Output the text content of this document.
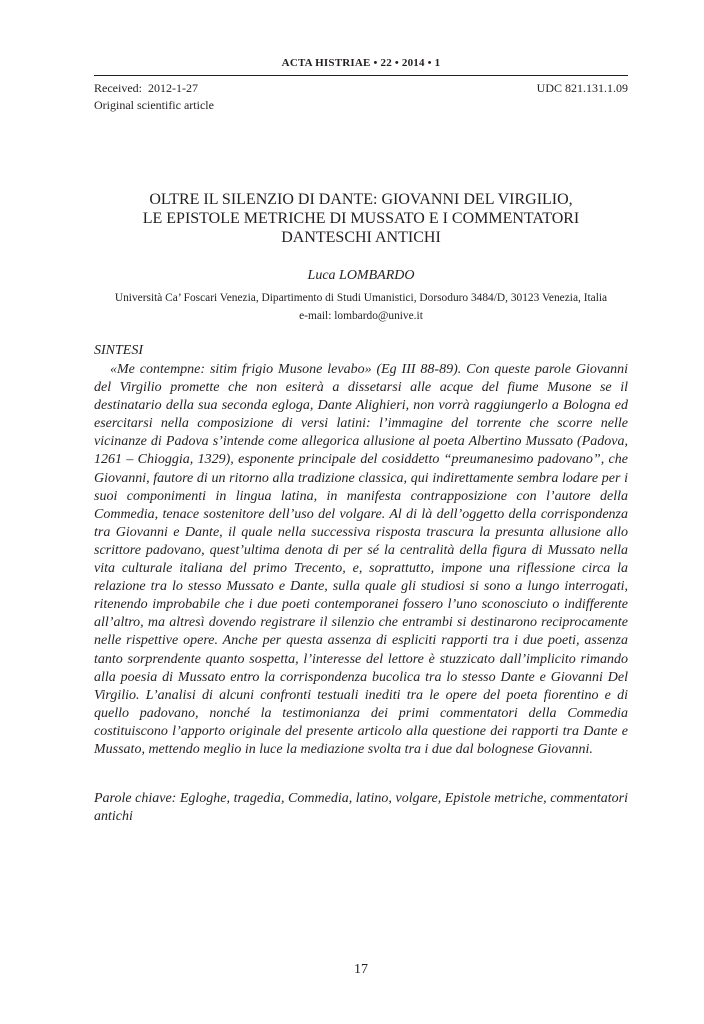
ACTA HISTRIAE • 22 • 2014 • 1
Received:  2012-1-27
Original scientific article
UDC 821.131.1.09
OLTRE IL SILENZIO DI DANTE: GIOVANNI DEL VIRGILIO,
LE EPISTOLE METRICHE DI MUSSATO E I COMMENTATORI
DANTESCHI ANTICHI
Luca LOMBARDO
Università Ca’ Foscari Venezia, Dipartimento di Studi Umanistici, Dorsoduro 3484/D, 30123 Venezia, Italia
e-mail: lombardo@unive.it
SINTESI

«Me contempne: sitim frigio Musone levabo» (Eg III 88-89). Con queste parole Giovanni del Virgilio promette che non esiterà a dissetarsi alle acque del fiume Musone se il destinatario della sua seconda egloga, Dante Alighieri, non vorrà raggiungerlo a Bologna ed esercitarsi nella composizione di versi latini: l’immagine del torrente che scorre nelle vicinanze di Padova s’intende come allegorica allusione al poeta Albertino Mussato (Padova, 1261 – Chioggia, 1329), esponente principale del cosiddetto “preumanesimo padovano”, che Giovanni, fautore di un ritorno alla tradizione classica, qui indirettamente sembra lodare per i suoi componimenti in lingua latina, in manifesta contrapposizione con l’autore della Commedia, tenace sostenitore dell’uso del volgare. Al di là dell’oggetto della corrispondenza tra Giovanni e Dante, il quale nella successiva risposta trascura la presunta allusione allo scrittore padovano, quest’ultima denota di per sé la centralità della figura di Mussato nella vita culturale italiana del primo Trecento, e, soprattutto, impone una riflessione circa la relazione tra lo stesso Mussato e Dante, sulla quale gli studiosi si sono a lungo interrogati, ritenendo improbabile che i due poeti contemporanei fossero l’uno sconosciuto o indifferente all’altro, ma altresì dovendo registrare il silenzio che entrambi si destinarono reciprocamente nelle rispettive opere. Anche per questa assenza di espliciti rapporti tra i due poeti, assenza tanto sorprendente quanto sospetta, l’interesse del lettore è stuzzicato dall’implicito rimando alla poesia di Mussato entro la corrispondenza bucolica tra lo stesso Dante e Giovanni Del Virgilio. L’analisi di alcuni confronti testuali inediti tra le opere del poeta fiorentino e di quello padovano, nonché la testimonianza dei primi commentatori della Commedia costituiscono l’apporto originale del presente articolo alla questione dei rapporti tra Dante e Mussato, mettendo meglio in luce la mediazione svolta tra i due dal bolognese Giovanni.

Parole chiave: Egloghe, tragedia, Commedia, latino, volgare, Epistole metriche, commentatori antichi

17
